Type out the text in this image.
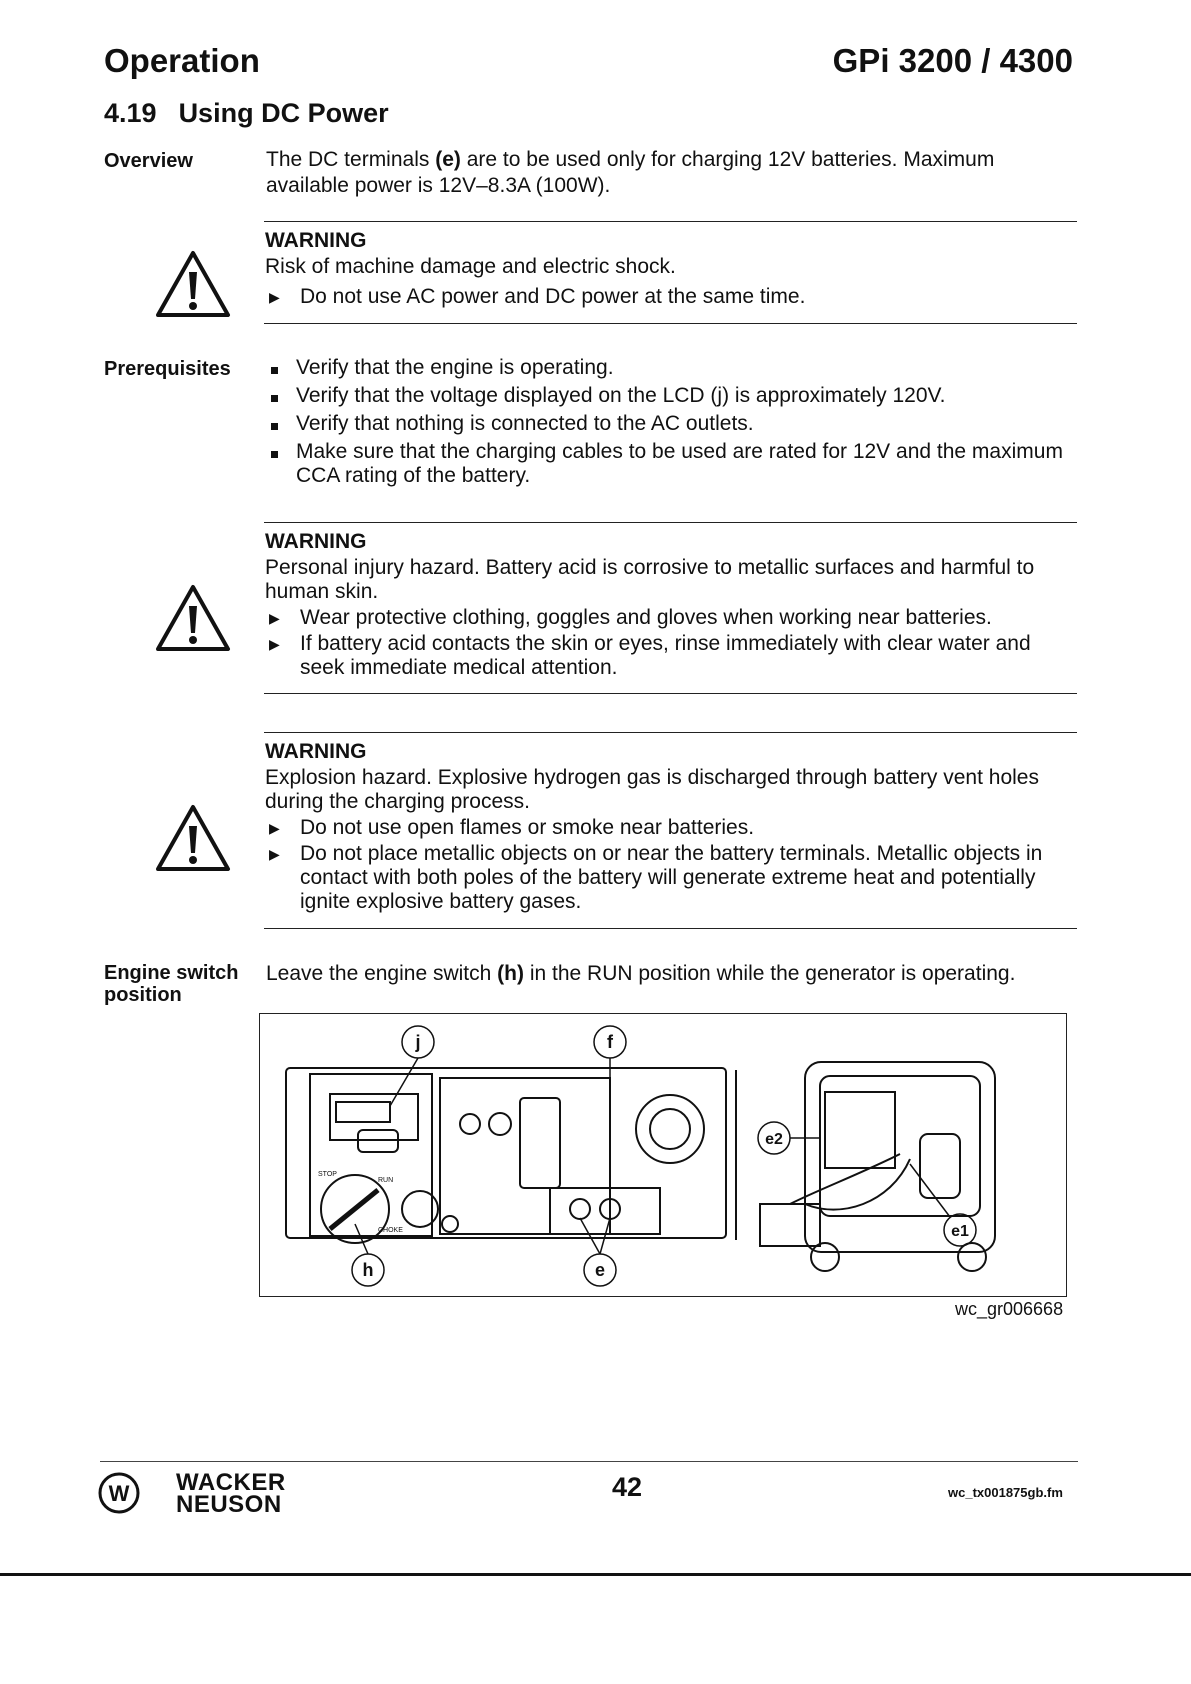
Operation	GPi 3200 / 4300
4.19 Using DC Power
Overview	The DC terminals (e) are to be used only for charging 12V batteries. Maximum available power is 12V–8.3A (100W).
WARNING

Risk of machine damage and electric shock.

▶ Do not use AC power and DC power at the same time.
Prerequisites	Verify that the engine is operating.
Verify that the voltage displayed on the LCD (j) is approximately 120V.
Verify that nothing is connected to the AC outlets.
Make sure that the charging cables to be used are rated for 12V and the maximum CCA rating of the battery.
WARNING

Personal injury hazard. Battery acid is corrosive to metallic surfaces and harmful to human skin.

▶ Wear protective clothing, goggles and gloves when working near batteries.
▶ If battery acid contacts the skin or eyes, rinse immediately with clear water and seek immediate medical attention.
WARNING

Explosion hazard. Explosive hydrogen gas is discharged through battery vent holes during the charging process.

▶ Do not use open flames or smoke near batteries.
▶ Do not place metallic objects on or near the battery terminals. Metallic objects in contact with both poles of the battery will generate extreme heat and potentially ignite explosive battery gases.
Engine switch
position
Leave the engine switch (h) in the RUN position while the generator is operating.
j	f
h	e
e2
e1
STOP
RUN
CHOKE
wc_gr006668
W WACKER
NEUSON
42	wc_tx001875gb.fm
